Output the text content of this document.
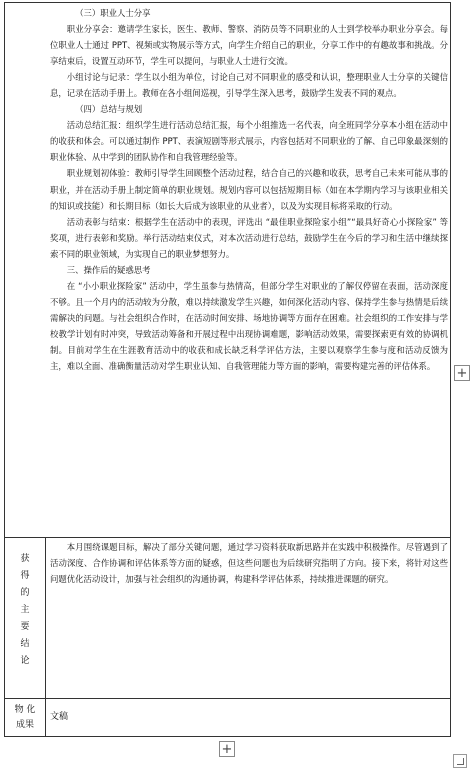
（三）职业人士分享

职业分享会：邀请学生家长，医生、教师、警察、消防员等不同职业的人士到学校举办职业分享会。每位职业人士通过 PPT、视频或实物展示等方式，向学生介绍自己的职业，分享工作中的有趣故事和挑战。分享结束后，设置互动环节，学生可以提问，与职业人士进行交流。

小组讨论与记录：学生以小组为单位，讨论自己对不同职业的感受和认识，整理职业人士分享的关键信息，记录在活动手册上。教师在各小组间巡视，引导学生深入思考，鼓励学生发表不同的观点。

（四）总结与规划

活动总结汇报：组织学生进行活动总结汇报，每个小组推选一名代表，向全班同学分享本小组在活动中的收获和体会。可以通过制作 PPT、表演短剧等形式展示，内容包括对不同职业的了解、自己印象最深刻的职业体验、从中学到的团队协作和自我管理经验等。

职业规划初体验：教师引导学生回顾整个活动过程，结合自己的兴趣和收获，思考自己未来可能从事的职业，并在活动手册上制定简单的职业规划。规划内容可以包括短期目标（如在本学期内学习与该职业相关的知识或技能）和长期目标（如长大后成为该职业的从业者），以及为实现目标将采取的行动。

活动表彰与结束：根据学生在活动中的表现，评选出 “最佳职业探险家小组”“最具好奇心小探险家” 等奖项，进行表彰和奖励。举行活动结束仪式，对本次活动进行总结，鼓励学生在今后的学习和生活中继续探索不同的职业领域，为实现自己的职业梦想努力。

三、操作后的疑惑思考

在 “小小职业探险家” 活动中，学生虽参与热情高，但部分学生对职业的了解仅停留在表面，活动深度不够。且一个月内的活动较为分散，难以持续激发学生兴趣，如何深化活动内容、保持学生参与热情是后续需解决的问题。与社会组织合作时，在活动时间安排、场地协调等方面存在困难。社会组织的工作安排与学校教学计划有时冲突，导致活动筹备和开展过程中出现协调难题，影响活动效果，需要探索更有效的协调机制。目前对学生在生涯教育活动中的收获和成长缺乏科学评估方法，主要以观察学生参与度和活动反馈为主，难以全面、准确衡量活动对学生职业认知、自我管理能力等方面的影响，需要构建完善的评估体系。

获
得
的
主
要
结
论

本月围绕课题目标，解决了部分关键问题，通过学习资料获取新思路并在实践中积极操作。尽管遇到了活动深度、合作协调和评估体系等方面的疑惑，但这些问题也为后续研究指明了方向。接下来，将针对这些问题优化活动设计，加强与社会组织的沟通协调，构建科学评估体系，持续推进课题的研究。

物 化
成果
文稿
+
+
